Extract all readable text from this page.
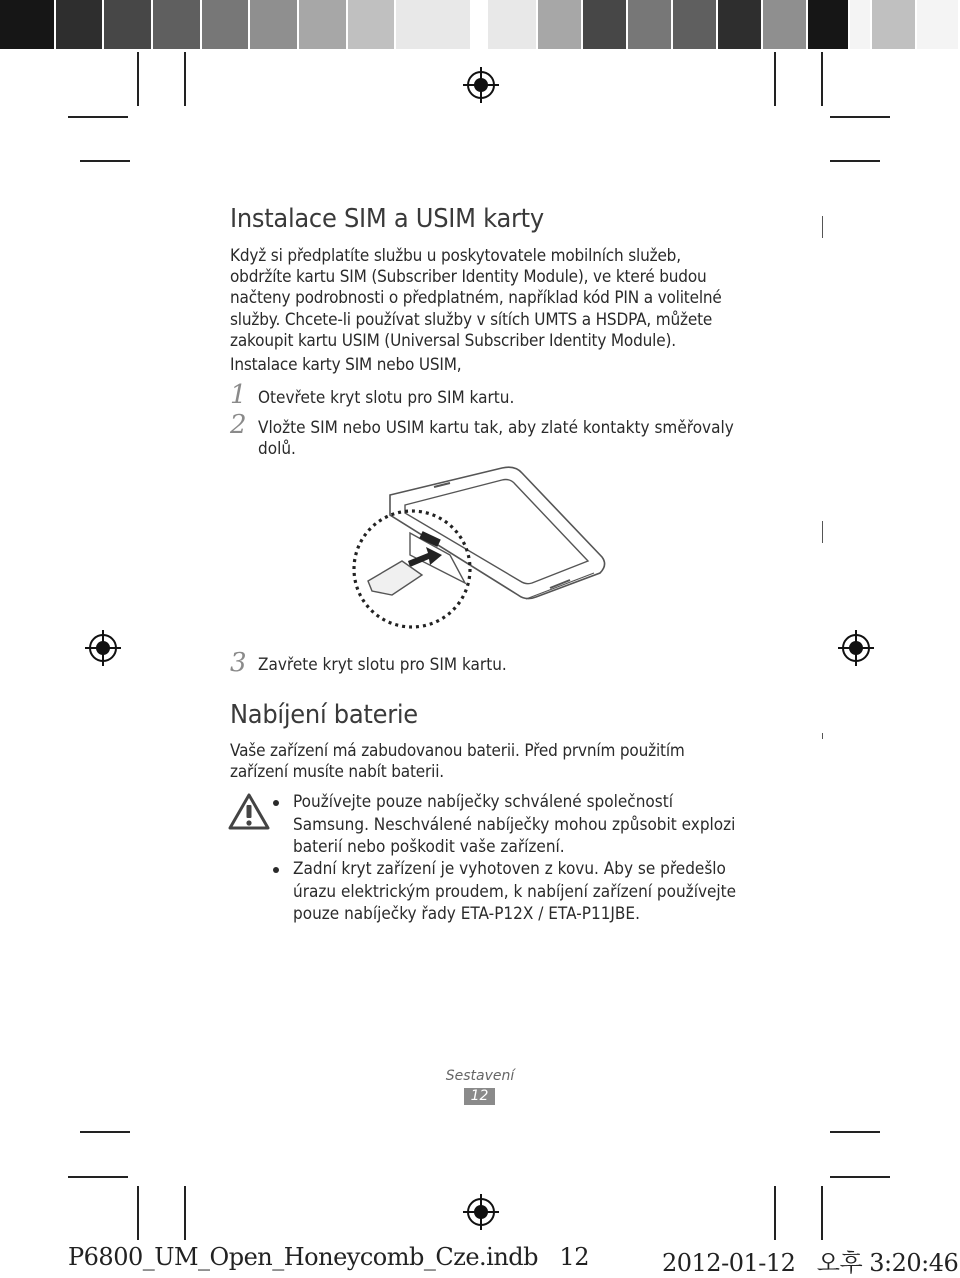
Instalace SIM a USIM karty
Když si předplatíte službu u poskytovatele mobilních služeb,
obdržíte kartu SIM (Subscriber Identity Module), ve které budou
načteny podrobnosti o předplatném, například kód PIN a volitelné
služby. Chcete-li používat služby v sítích UMTS a HSDPA, můžete
zakoupit kartu USIM (Universal Subscriber Identity Module).
Instalace karty SIM nebo USIM,
1 Otevřete kryt slotu pro SIM kartu.
2 Vložte SIM nebo USIM kartu tak, aby zlaté kontakty směřovaly
dolů.
3 Zavřete kryt slotu pro SIM kartu.
Nabíjení baterie
Vaše zařízení má zabudovanou baterii. Před prvním použitím
zařízení musíte nabít baterii.
Používejte pouze nabíječky schválené společností
Samsung. Neschválené nabíječky mohou způsobit explozi
baterií nebo poškodit vaše zařízení.
Zadní kryt zařízení je vyhotoven z kovu. Aby se předešlo
úrazu elektrickým proudem, k nabíjení zařízení používejte
pouze nabíječky řady ETA-P12X / ETA-P11JBE.
Sestavení
12
P6800_UM_Open_Honeycomb_Cze.indb   12	2012-01-12   오후 3:20:46
